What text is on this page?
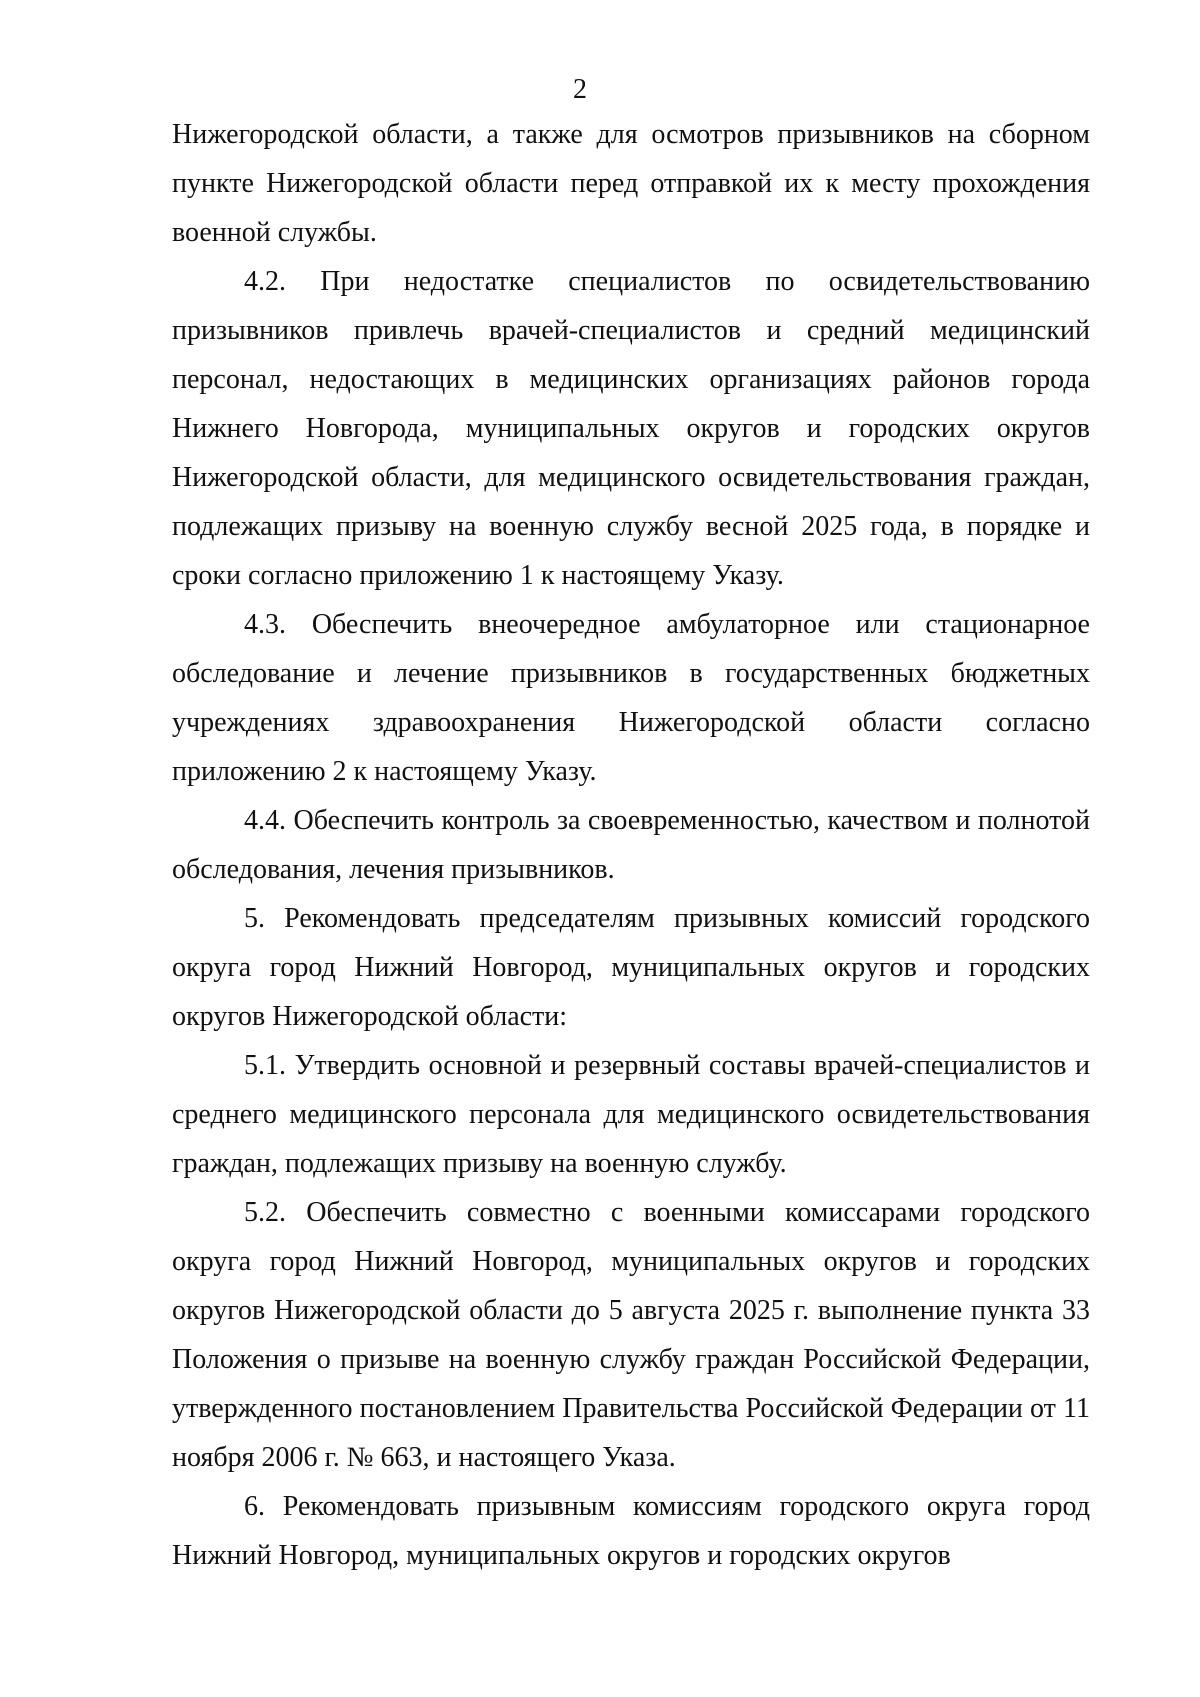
2

Нижегородской области, а также для осмотров призывников на сборном пункте Нижегородской области перед отправкой их к месту прохождения военной службы.

4.2. При недостатке специалистов по освидетельствованию призывников привлечь врачей-специалистов и средний медицинский персонал, недостающих в медицинских организациях районов города Нижнего Новгорода, муниципальных округов и городских округов Нижегородской области, для медицинского освидетельствования граждан, подлежащих призыву на военную службу весной 2025 года, в порядке и сроки согласно приложению 1 к настоящему Указу.

4.3. Обеспечить внеочередное амбулаторное или стационарное обследование и лечение призывников в государственных бюджетных учреждениях здравоохранения Нижегородской области согласно приложению 2 к настоящему Указу.

4.4. Обеспечить контроль за своевременностью, качеством и полнотой обследования, лечения призывников.

5. Рекомендовать председателям призывных комиссий городского округа город Нижний Новгород, муниципальных округов и городских округов Нижегородской области:

5.1. Утвердить основной и резервный составы врачей-специалистов и среднего медицинского персонала для медицинского освидетельствования граждан, подлежащих призыву на военную службу.

5.2. Обеспечить совместно с военными комиссарами городского округа город Нижний Новгород, муниципальных округов и городских округов Нижегородской области до 5 августа 2025 г. выполнение пункта 33 Положения о призыве на военную службу граждан Российской Федерации, утвержденного постановлением Правительства Российской Федерации от 11 ноября 2006 г. № 663, и настоящего Указа.

6. Рекомендовать призывным комиссиям городского округа город Нижний Новгород, муниципальных округов и городских округов
